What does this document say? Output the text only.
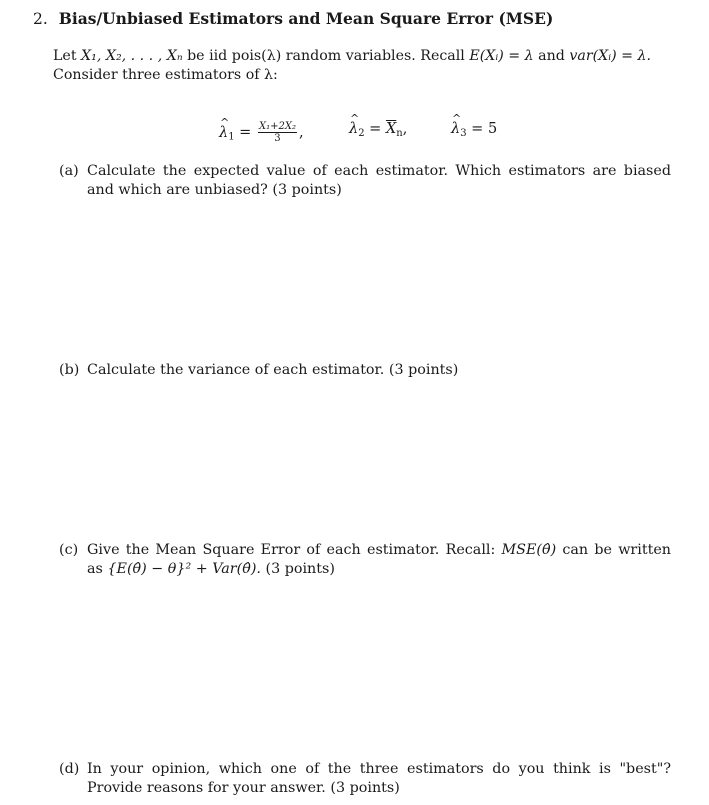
2. Bias/Unbiased Estimators and Mean Square Error (MSE)
Let X₁, X₂, . . . , Xₙ be iid pois(λ) random variables. Recall E(Xᵢ) = λ and var(Xᵢ) = λ.
Consider three estimators of λ:
^ $\lambda_1 = \frac{\text{X₁+2X₂}}{3}$ ,	^ $\lambda_2 = \overline{X}_n$,	^ $\lambda_3 = 5$
(a) Calculate the expected value of each estimator. Which estimators are biased and which are unbiased? (3 points)
(b) Calculate the variance of each estimator. (3 points)
(c) Give the Mean Square Error of each estimator. Recall: MSE(θ̂) can be written as {E(θ̂) − θ}² + Var(θ̂). (3 points)
(d) In your opinion, which one of the three estimators do you think is "best"? Provide reasons for your answer. (3 points)
